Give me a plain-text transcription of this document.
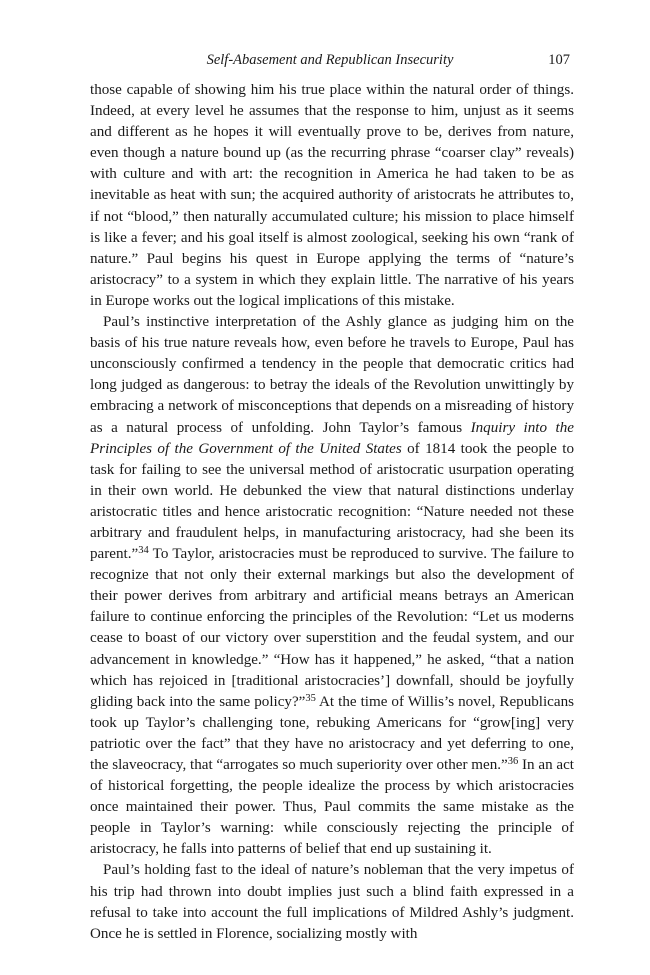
Self-Abasement and Republican Insecurity	107

those capable of showing him his true place within the natural order of things. Indeed, at every level he assumes that the response to him, unjust as it seems and different as he hopes it will eventually prove to be, derives from nature, even though a nature bound up (as the recurring phrase “coarser clay” reveals) with culture and with art: the recognition in America he had taken to be as inevitable as heat with sun; the acquired authority of aristocrats he attributes to, if not “blood,” then naturally accumulated culture; his mission to place himself is like a fever; and his goal itself is almost zoological, seeking his own “rank of nature.” Paul begins his quest in Europe applying the terms of “nature’s aristocracy” to a system in which they explain little. The narrative of his years in Europe works out the logical implications of this mistake.

Paul’s instinctive interpretation of the Ashly glance as judging him on the basis of his true nature reveals how, even before he travels to Europe, Paul has unconsciously confirmed a tendency in the people that democratic critics had long judged as dangerous: to betray the ideals of the Revolution unwittingly by embracing a network of misconceptions that depends on a misreading of history as a natural process of unfolding. John Taylor’s famous Inquiry into the Principles of the Government of the United States of 1814 took the people to task for failing to see the universal method of aristocratic usurpation operating in their own world. He debunked the view that natural distinctions underlay aristocratic titles and hence aristocratic recognition: “Nature needed not these arbitrary and fraudulent helps, in manufacturing aristocracy, had she been its parent.”$^{34}$ To Taylor, aristocracies must be reproduced to survive. The failure to recognize that not only their external markings but also the development of their power derives from arbitrary and artificial means betrays an American failure to continue enforcing the principles of the Revolution: “Let us moderns cease to boast of our victory over superstition and the feudal system, and our advancement in knowledge.” “How has it happened,” he asked, “that a nation which has rejoiced in [traditional aristocracies’] downfall, should be joyfully gliding back into the same policy?”$^{35}$ At the time of Willis’s novel, Republicans took up Taylor’s challenging tone, rebuking Americans for “grow[ing] very patriotic over the fact” that they have no aristocracy and yet deferring to one, the slaveocracy, that “arrogates so much superiority over other men.”$^{36}$ In an act of historical forgetting, the people idealize the process by which aristocracies once maintained their power. Thus, Paul commits the same mistake as the people in Taylor’s warning: while consciously rejecting the principle of aristocracy, he falls into patterns of belief that end up sustaining it.

Paul’s holding fast to the ideal of nature’s nobleman that the very impetus of his trip had thrown into doubt implies just such a blind faith expressed in a refusal to take into account the full implications of Mildred Ashly’s judgment. Once he is settled in Florence, socializing mostly with
